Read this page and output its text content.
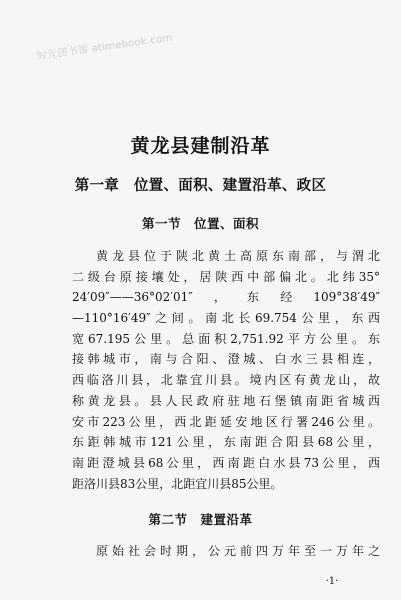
时光图书馆 atimebook.com
黄龙县建制沿革
第一章　位置、面积、建置沿革、政区
第一节　位置、面积
黄龙县位于陕北黄土高原东南部，与渭北
二级台原接壤处，居陕西中部偏北。北纬35°
24′09″——36°02′01″，东经109°38′49″
—110°16′49″之间。南北长69.754公里，东西
宽67.195公里。总面积2,751.92平方公里。东
接韩城市，南与合阳、澄城、白水三县相连，
西临洛川县，北靠宜川县。境内区有黄龙山，故
称黄龙县。县人民政府驻地石堡镇南距省城西
安市223公里，西北距延安地区行署246公里。
东距韩城市121公里，东南距合阳县68公里，
南距澄城县68公里，西南距白水县73公里，西
距洛川县83公里，北距宜川县85公里。
第二节　建置沿革
原始社会时期，公元前四万年至一万年之
·1·
